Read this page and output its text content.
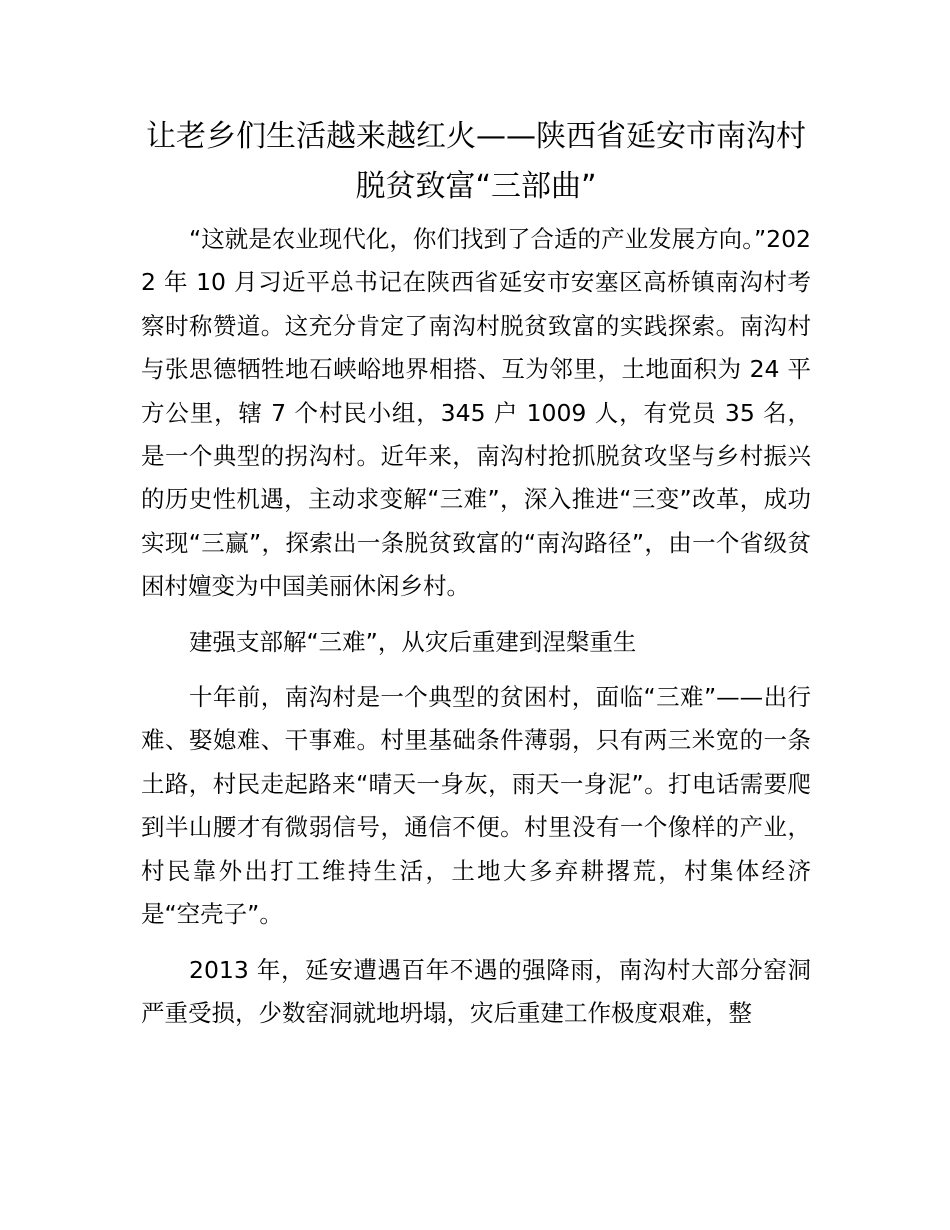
让老乡们生活越来越红火——陕西省延安市南沟村脱贫致富“三部曲”

“这就是农业现代化，你们找到了合适的产业发展方向。”2022 年 10 月习近平总书记在陕西省延安市安塞区高桥镇南沟村考察时称赞道。这充分肯定了南沟村脱贫致富的实践探索。南沟村与张思德牺牲地石峡峪地界相搭、互为邻里，土地面积为 24 平方公里，辖 7 个村民小组，345 户 1009 人，有党员 35 名，是一个典型的拐沟村。近年来，南沟村抢抓脱贫攻坚与乡村振兴的历史性机遇，主动求变解“三难”，深入推进“三变”改革，成功实现“三赢”，探索出一条脱贫致富的“南沟路径”，由一个省级贫困村嬗变为中国美丽休闲乡村。

建强支部解“三难”，从灾后重建到涅槃重生

十年前，南沟村是一个典型的贫困村，面临“三难”——出行难、娶媳难、干事难。村里基础条件薄弱，只有两三米宽的一条土路，村民走起路来“晴天一身灰，雨天一身泥”。打电话需要爬到半山腰才有微弱信号，通信不便。村里没有一个像样的产业，村民靠外出打工维持生活，土地大多弃耕撂荒，村集体经济是“空壳子”。

2013 年，延安遭遇百年不遇的强降雨，南沟村大部分窑洞严重受损，少数窑洞就地坍塌，灾后重建工作极度艰难，整
